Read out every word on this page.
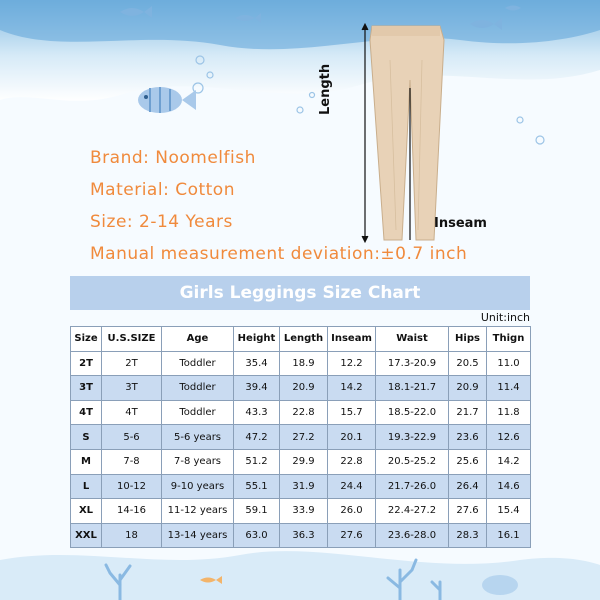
Length
Inseam
Brand: Noomelfish
Material: Cotton
Size: 2-14 Years
Manual measurement deviation:±0.7 inch
Girls Leggings Size Chart
Unit:inch
Size	U.S.SIZE	Age	Height	Length	Inseam	Waist	Hips	Thign
2T	2T	Toddler	35.4	18.9	12.2	17.3-20.9	20.5	11.0
3T	3T	Toddler	39.4	20.9	14.2	18.1-21.7	20.9	11.4
4T	4T	Toddler	43.3	22.8	15.7	18.5-22.0	21.7	11.8
S	5-6	5-6 years	47.2	27.2	20.1	19.3-22.9	23.6	12.6
M	7-8	7-8 years	51.2	29.9	22.8	20.5-25.2	25.6	14.2
L	10-12	9-10 years	55.1	31.9	24.4	21.7-26.0	26.4	14.6
XL	14-16	11-12 years	59.1	33.9	26.0	22.4-27.2	27.6	15.4
XXL	18	13-14 years	63.0	36.3	27.6	23.6-28.0	28.3	16.1
